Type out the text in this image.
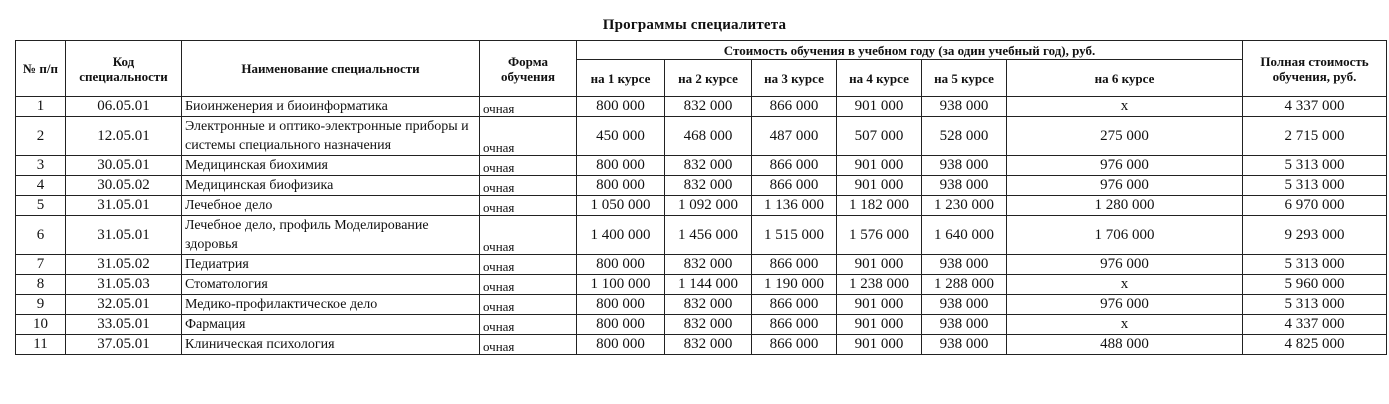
Программы специалитета
№ п/п	Код специальности	Наименование специальности	Форма обучения	Стоимость обучения в учебном году (за один учебный год), руб.						Полная стоимость обучения, руб.
				на 1 курсе	на 2 курсе	на 3 курсе	на 4 курсе	на 5 курсе	на 6 курсе	
1	06.05.01	Биоинженерия и биоинформатика	очная	800 000	832 000	866 000	901 000	938 000	x	4 337 000
2	12.05.01	Электронные и оптико-электронные приборы и системы специального назначения	очная	450 000	468 000	487 000	507 000	528 000	275 000	2 715 000
3	30.05.01	Медицинская биохимия	очная	800 000	832 000	866 000	901 000	938 000	976 000	5 313 000
4	30.05.02	Медицинская биофизика	очная	800 000	832 000	866 000	901 000	938 000	976 000	5 313 000
5	31.05.01	Лечебное дело	очная	1 050 000	1 092 000	1 136 000	1 182 000	1 230 000	1 280 000	6 970 000
6	31.05.01	Лечебное дело, профиль Моделирование здоровья	очная	1 400 000	1 456 000	1 515 000	1 576 000	1 640 000	1 706 000	9 293 000
7	31.05.02	Педиатрия	очная	800 000	832 000	866 000	901 000	938 000	976 000	5 313 000
8	31.05.03	Стоматология	очная	1 100 000	1 144 000	1 190 000	1 238 000	1 288 000	x	5 960 000
9	32.05.01	Медико-профилактическое дело	очная	800 000	832 000	866 000	901 000	938 000	976 000	5 313 000
10	33.05.01	Фармация	очная	800 000	832 000	866 000	901 000	938 000	x	4 337 000
11	37.05.01	Клиническая психология	очная	800 000	832 000	866 000	901 000	938 000	488 000	4 825 000
